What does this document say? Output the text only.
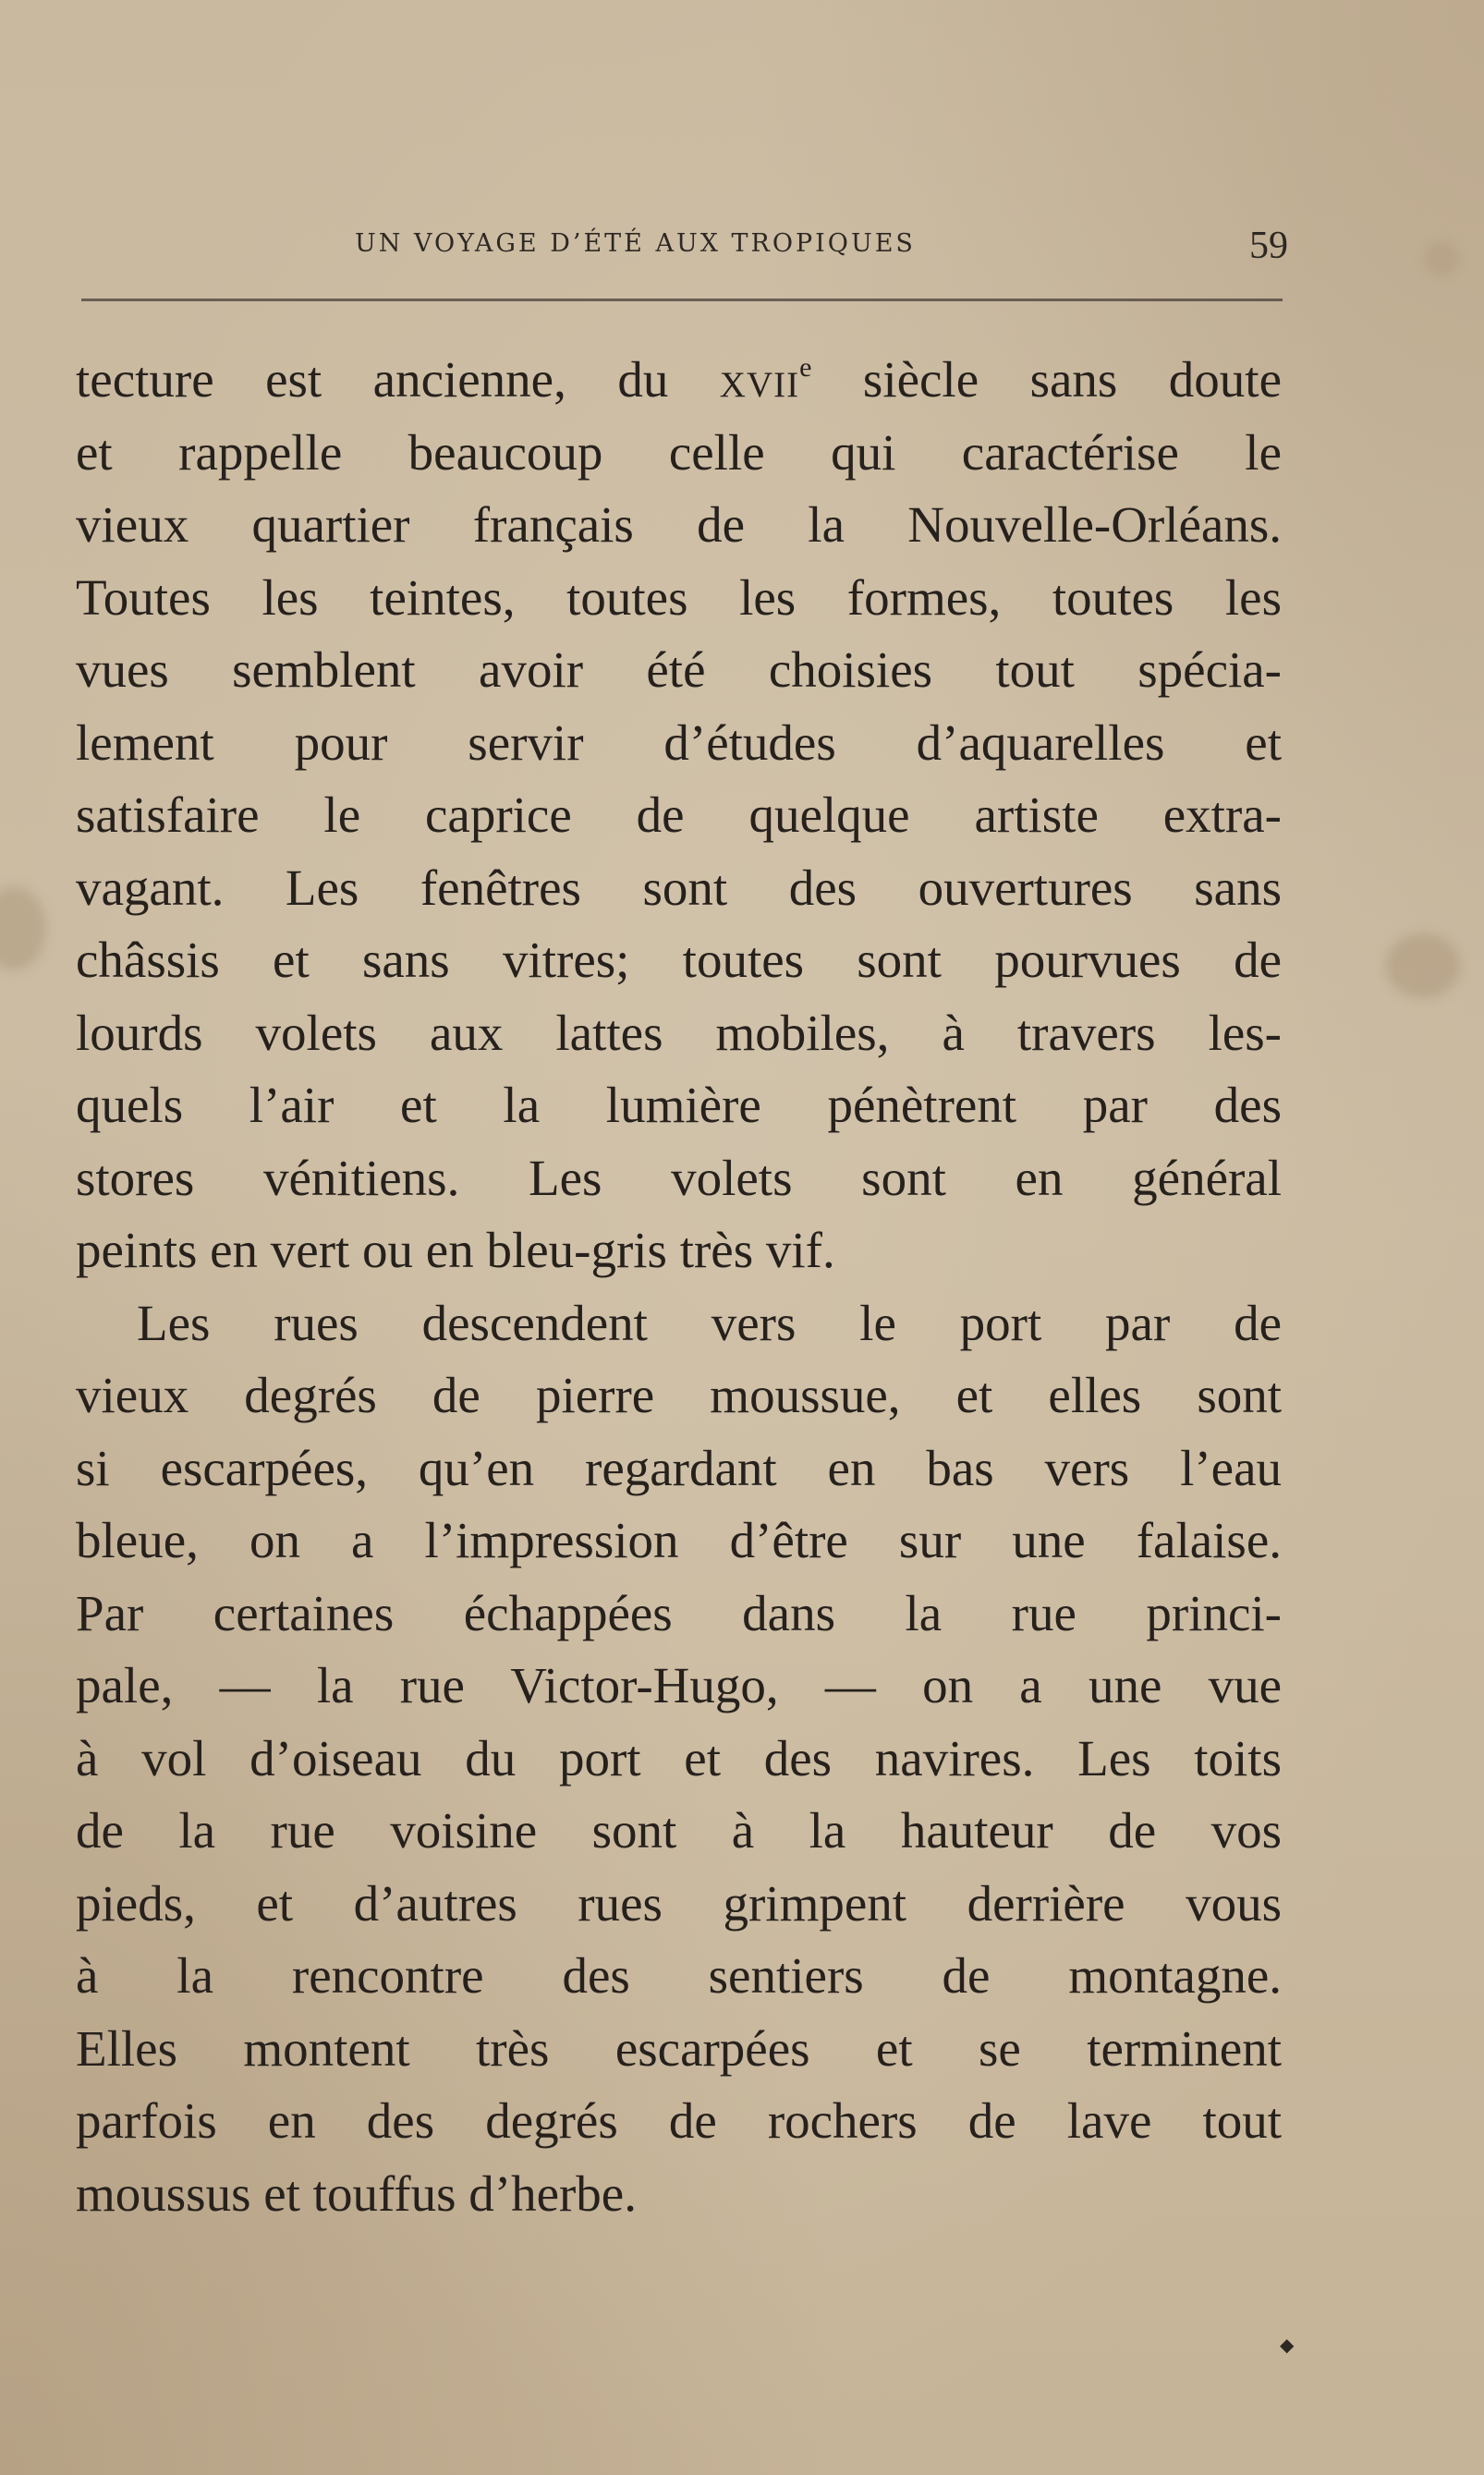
UN VOYAGE D’ÉTÉ AUX TROPIQUES	59
tecture est ancienne, du xvii$^e$ siècle sans doute
et rappelle beaucoup celle qui caractérise le
vieux quartier français de la Nouvelle-Orléans.
Toutes les teintes, toutes les formes, toutes les
vues semblent avoir été choisies tout spécia-
lement pour servir d’études d’aquarelles et
satisfaire le caprice de quelque artiste extra-
vagant. Les fenêtres sont des ouvertures sans
châssis et sans vitres; toutes sont pourvues de
lourds volets aux lattes mobiles, à travers les-
quels l’air et la lumière pénètrent par des
stores vénitiens. Les volets sont en général
peints en vert ou en bleu-gris très vif.
Les rues descendent vers le port par de
vieux degrés de pierre moussue, et elles sont
si escarpées, qu’en regardant en bas vers l’eau
bleue, on a l’impression d’être sur une falaise.
Par certaines échappées dans la rue princi-
pale, — la rue Victor-Hugo, — on a une vue
à vol d’oiseau du port et des navires. Les toits
de la rue voisine sont à la hauteur de vos
pieds, et d’autres rues grimpent derrière vous
à la rencontre des sentiers de montagne.
Elles montent très escarpées et se terminent
parfois en des degrés de rochers de lave tout
moussus et touffus d’herbe.
◆
